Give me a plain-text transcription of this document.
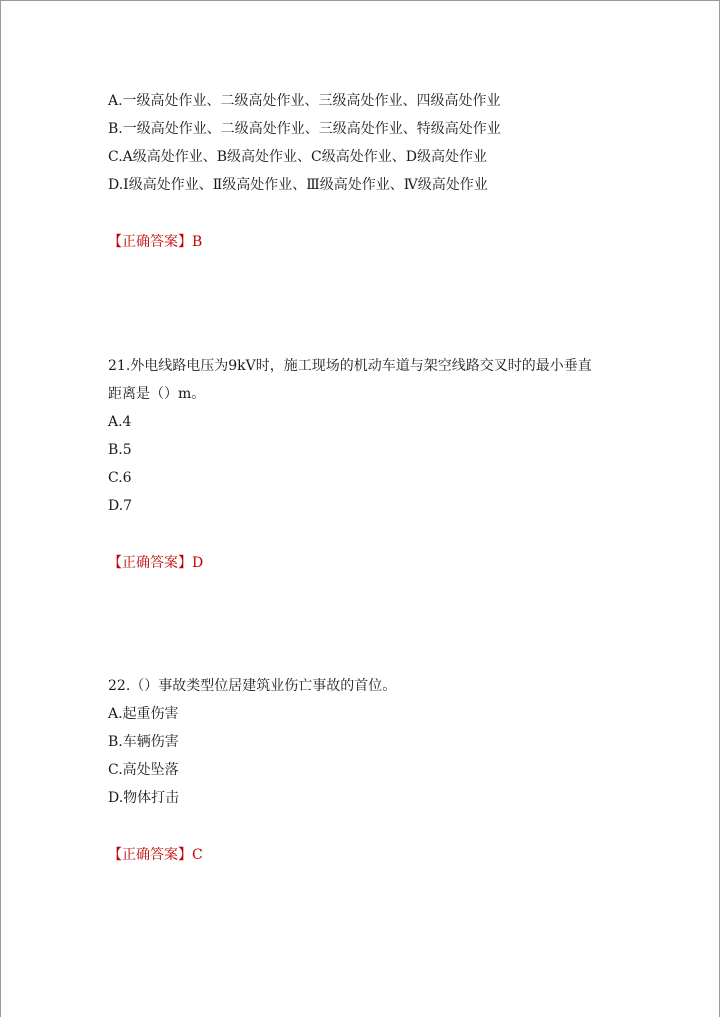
A.一级高处作业、二级高处作业、三级高处作业、四级高处作业
B.一级高处作业、二级高处作业、三级高处作业、特级高处作业
C.A级高处作业、B级高处作业、C级高处作业、D级高处作业
D.Ⅰ级高处作业、Ⅱ级高处作业、Ⅲ级高处作业、Ⅳ级高处作业
【正确答案】B
21.外电线路电压为9kV时，施工现场的机动车道与架空线路交叉时的最小垂直
距离是（）m。
A.4
B.5
C.6
D.7
【正确答案】D
22.（）事故类型位居建筑业伤亡事故的首位。
A.起重伤害
B.车辆伤害
C.高处坠落
D.物体打击
【正确答案】C
